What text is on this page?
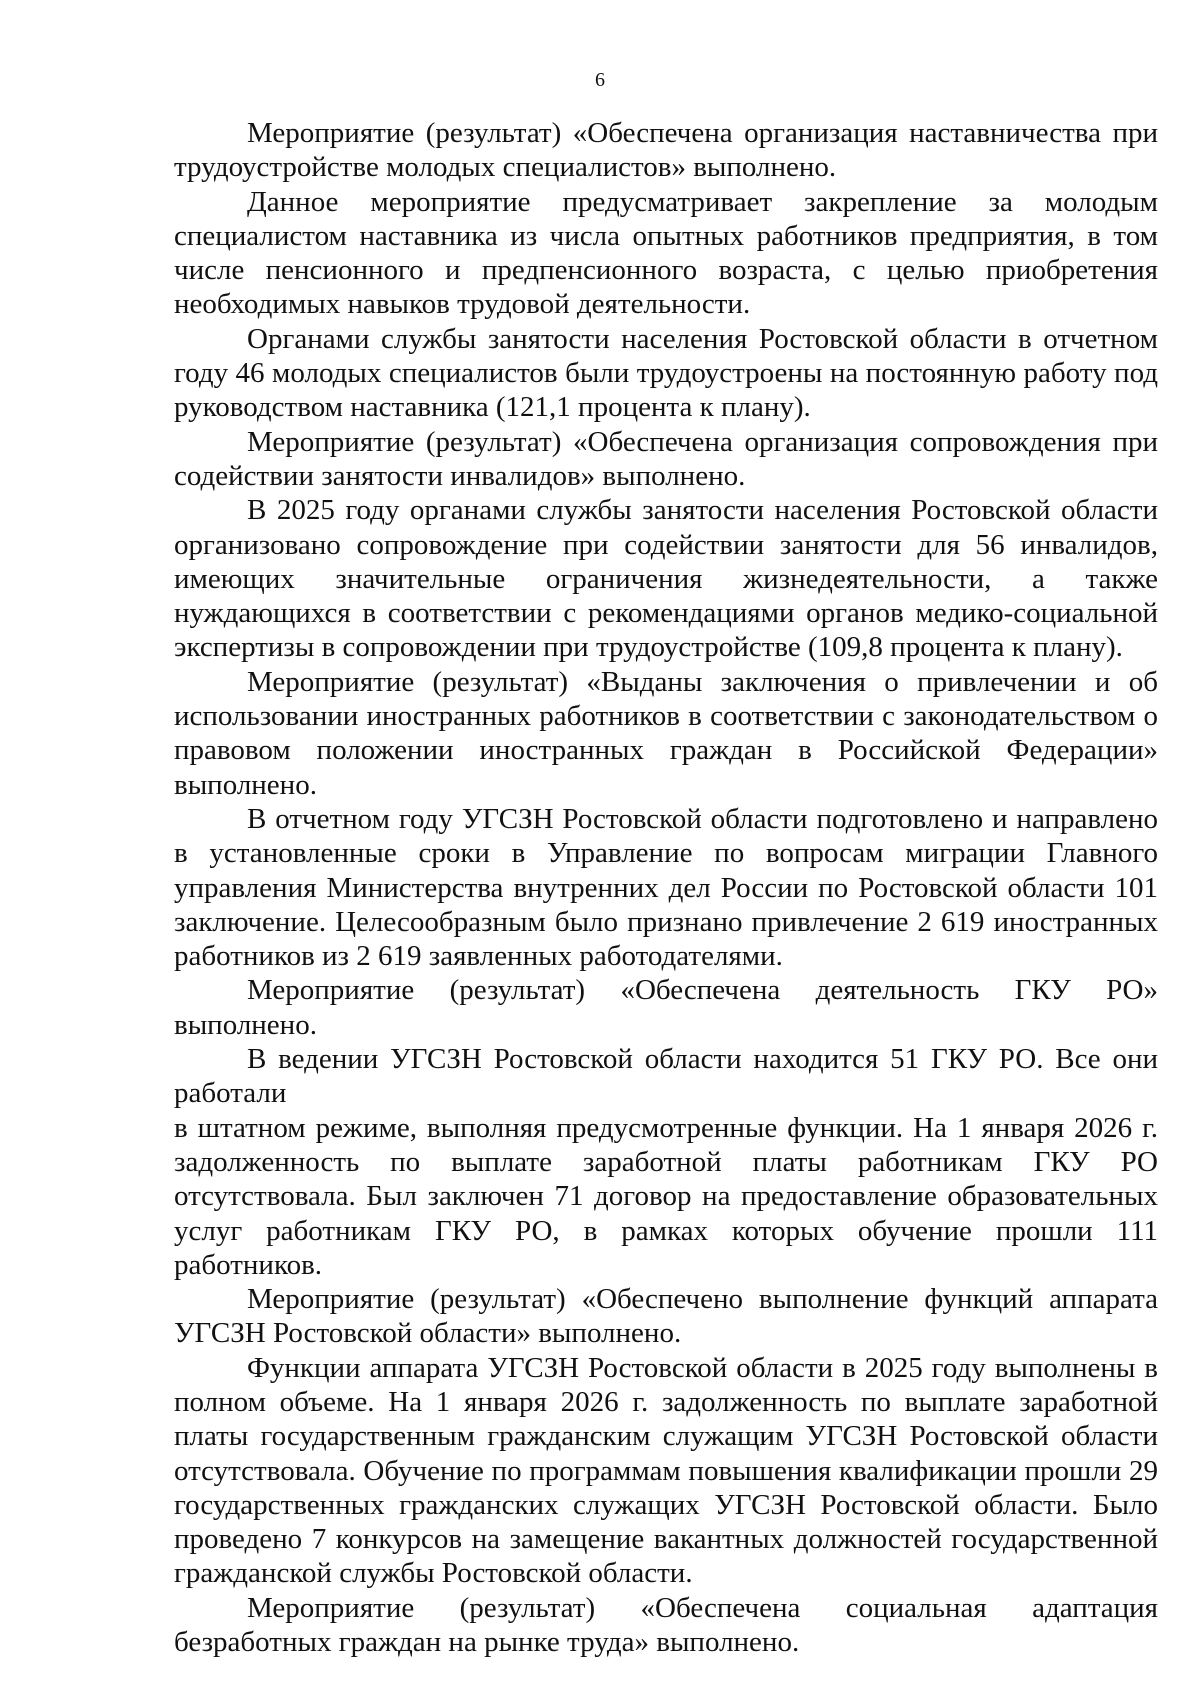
6

Мероприятие (результат) «Обеспечена организация наставничества при трудоустройстве молодых специалистов» выполнено.

Данное мероприятие предусматривает закрепление за молодым специалистом наставника из числа опытных работников предприятия, в том числе пенсионного и предпенсионного возраста, с целью приобретения необходимых навыков трудовой деятельности.

Органами службы занятости населения Ростовской области в отчетном году 46 молодых специалистов были трудоустроены на постоянную работу под руководством наставника (121,1 процента к плану).

Мероприятие (результат) «Обеспечена организация сопровождения при содействии занятости инвалидов» выполнено.

В 2025 году органами службы занятости населения Ростовской области организовано сопровождение при содействии занятости для 56 инвалидов, имеющих значительные ограничения жизнедеятельности, а также нуждающихся в соответствии с рекомендациями органов медико-социальной экспертизы в сопровождении при трудоустройстве (109,8 процента к плану).

Мероприятие (результат) «Выданы заключения о привлечении и об использовании иностранных работников в соответствии с законодательством о правовом положении иностранных граждан в Российской Федерации» выполнено.

В отчетном году УГСЗН Ростовской области подготовлено и направлено в установленные сроки в Управление по вопросам миграции Главного управления Министерства внутренних дел России по Ростовской области 101 заключение. Целесообразным было признано привлечение 2 619 иностранных работников из 2 619 заявленных работодателями.

Мероприятие (результат) «Обеспечена деятельность ГКУ РО» выполнено.

В ведении УГСЗН Ростовской области находится 51 ГКУ РО. Все они работали

в штатном режиме, выполняя предусмотренные функции. На 1 января 2026 г. задолженность по выплате заработной платы работникам ГКУ РО отсутствовала. Был заключен 71 договор на предоставление образовательных услуг работникам ГКУ РО, в рамках которых обучение прошли 111 работников.

Мероприятие (результат) «Обеспечено выполнение функций аппарата УГСЗН Ростовской области» выполнено.

Функции аппарата УГСЗН Ростовской области в 2025 году выполнены в полном объеме. На 1 января 2026 г. задолженность по выплате заработной платы государственным гражданским служащим УГСЗН Ростовской области отсутствовала. Обучение по программам повышения квалификации прошли 29 государственных гражданских служащих УГСЗН Ростовской области. Было проведено 7 конкурсов на замещение вакантных должностей государственной гражданской службы Ростовской области.

Мероприятие (результат) «Обеспечена социальная адаптация безработных граждан на рынке труда» выполнено.
